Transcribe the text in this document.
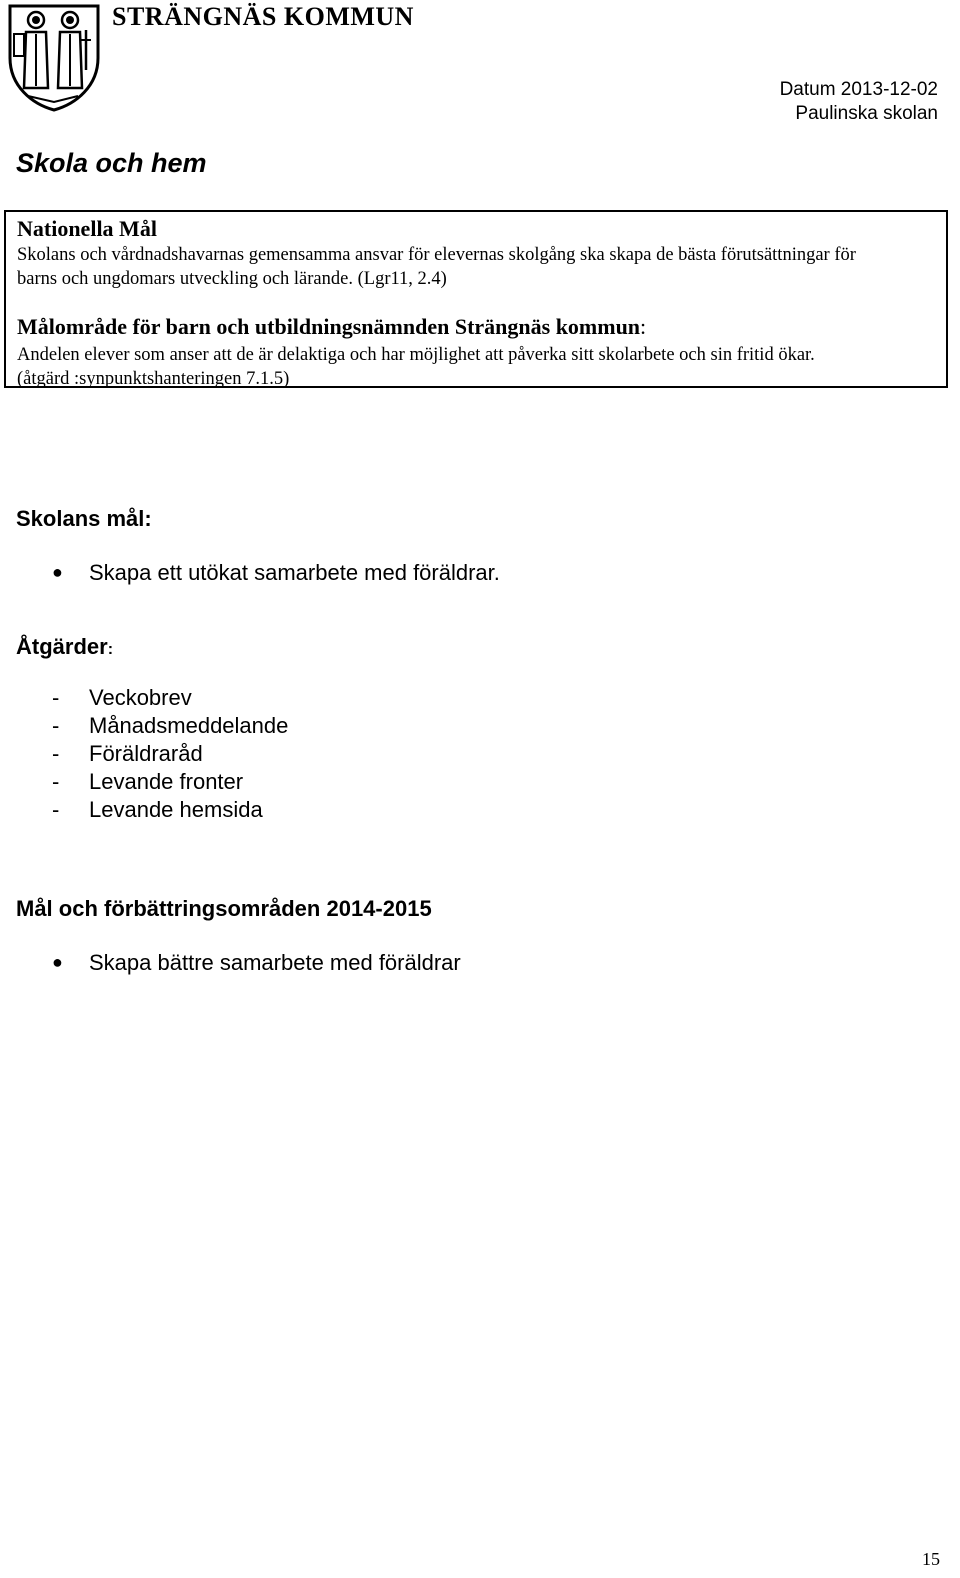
STRÄNGNÄS KOMMUN
Datum 2013-12-02
Paulinska skolan
Skola och hem
Nationella Mål
Skolans och vårdnadshavarnas gemensamma ansvar för elevernas skolgång ska skapa de bästa förutsättningar för
barns och ungdomars utveckling och lärande. (Lgr11, 2.4)
Målområde för barn och utbildningsnämnden Strängnäs kommun:
Andelen elever som anser att de är delaktiga och har möjlighet att påverka sitt skolarbete och sin fritid ökar.
(åtgärd :synpunktshanteringen 7.1.5)
Skolans mål:
● Skapa ett utökat samarbete med föräldrar.
Åtgärder:
- Veckobrev
- Månadsmeddelande
- Föräldraråd
- Levande fronter
- Levande hemsida
Mål och förbättringsområden 2014-2015
● Skapa bättre samarbete med föräldrar
15
